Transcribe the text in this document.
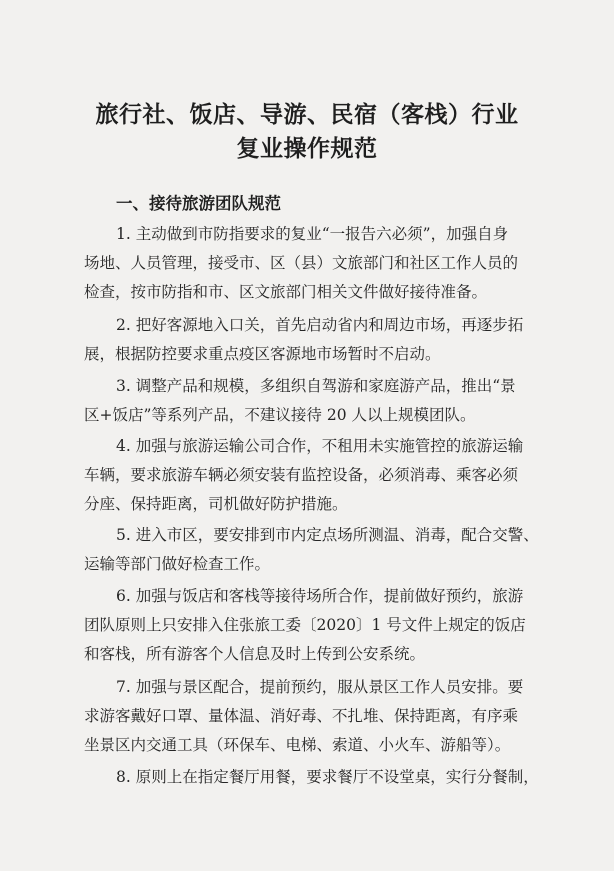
旅行社、饭店、导游、民宿（客栈）行业
复业操作规范
一、接待旅游团队规范
1. 主动做到市防指要求的复业“一报告六必须”，加强自身
场地、人员管理，接受市、区（县）文旅部门和社区工作人员的
检查，按市防指和市、区文旅部门相关文件做好接待准备。
2. 把好客源地入口关，首先启动省内和周边市场，再逐步拓
展，根据防控要求重点疫区客源地市场暂时不启动。
3. 调整产品和规模，多组织自驾游和家庭游产品，推出“景
区+饭店”等系列产品，不建议接待 20 人以上规模团队。
4. 加强与旅游运输公司合作，不租用未实施管控的旅游运输
车辆，要求旅游车辆必须安装有监控设备，必须消毒、乘客必须
分座、保持距离，司机做好防护措施。
5. 进入市区，要安排到市内定点场所测温、消毒，配合交警、
运输等部门做好检查工作。
6. 加强与饭店和客栈等接待场所合作，提前做好预约，旅游
团队原则上只安排入住张旅工委〔2020〕1 号文件上规定的饭店
和客栈，所有游客个人信息及时上传到公安系统。
7. 加强与景区配合，提前预约，服从景区工作人员安排。要
求游客戴好口罩、量体温、消好毒、不扎堆、保持距离，有序乘
坐景区内交通工具（环保车、电梯、索道、小火车、游船等）。
8. 原则上在指定餐厅用餐，要求餐厅不设堂桌，实行分餐制，
